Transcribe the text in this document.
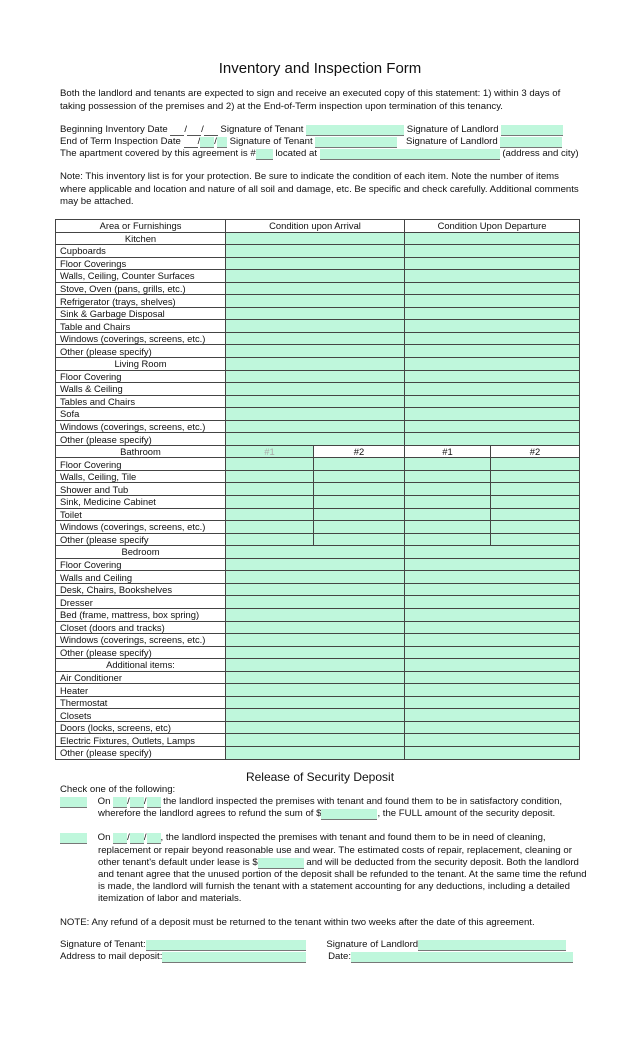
Inventory and Inspection Form
Both the landlord and tenants are expected to sign and receive an executed copy of this statement: 1) within 3 days of taking possession of the premises and 2) at the End-of-Term inspection upon termination of this tenancy.
Beginning Inventory Date / / Signature of Tenant	Signature of Landlord
End of Term Inspection Date / / Signature of Tenant	Signature of Landlord
The apartment covered by this agreement is # located at	(address and city)
Note: This inventory list is for your protection. Be sure to indicate the condition of each item. Note the number of items where applicable and location and nature of all soil and damage, etc. Be specific and check carefully. Additional comments may be attached.
Area or Furnishings	Condition upon Arrival		Condition Upon Departure	
Kitchen				
Cupboards				
Floor Coverings				
Walls, Ceiling, Counter Surfaces				
Stove, Oven (pans, grills, etc.)				
Refrigerator (trays, shelves)				
Sink & Garbage Disposal				
Table and Chairs				
Windows (coverings, screens, etc.)				
Other (please specify)				
Living Room				
Floor Covering				
Walls & Ceiling				
Tables and Chairs				
Sofa				
Windows (coverings, screens, etc.)				
Other (please specify)				
Bathroom	#1	#2	#1	#2
Floor Covering				
Walls, Ceiling, Tile				
Shower and Tub				
Sink, Medicine Cabinet				
Toilet				
Windows (coverings, screens, etc.)				
Other (please specify				
Bedroom				
Floor Covering				
Walls and Ceiling				
Desk, Chairs, Bookshelves				
Dresser				
Bed (frame, mattress, box spring)				
Closet (doors and tracks)				
Windows (coverings, screens, etc.)				
Other (please specify)				
Additional items:				
Air Conditioner				
Heater				
Thermostat				
Closets				
Doors (locks, screens, etc)				
Electric Fixtures, Outlets, Lamps				
Other (please specify)				
Release of Security Deposit
Check one of the following:
On / / the landlord inspected the premises with tenant and found them to be in satisfactory condition,
wherefore the landlord agrees to refund the sum of $	, the FULL amount of the security deposit.
On / / , the landlord inspected the premises with tenant and found them to be in need of cleaning,
replacement or repair beyond reasonable use and wear. The estimated costs of repair, replacement, cleaning or
other tenant's default under lease is $	and will be deducted from the security deposit. Both the landlord
and tenant agree that the unused portion of the deposit shall be refunded to the tenant. At the same time the refund
is made, the landlord will furnish the tenant with a statement accounting for any deductions, including a detailed
itemization of labor and materials.
NOTE: Any refund of a deposit must be returned to the tenant within two weeks after the date of this agreement.
Signature of Tenant:	Signature of Landlord
Address to mail deposit:	Date:
